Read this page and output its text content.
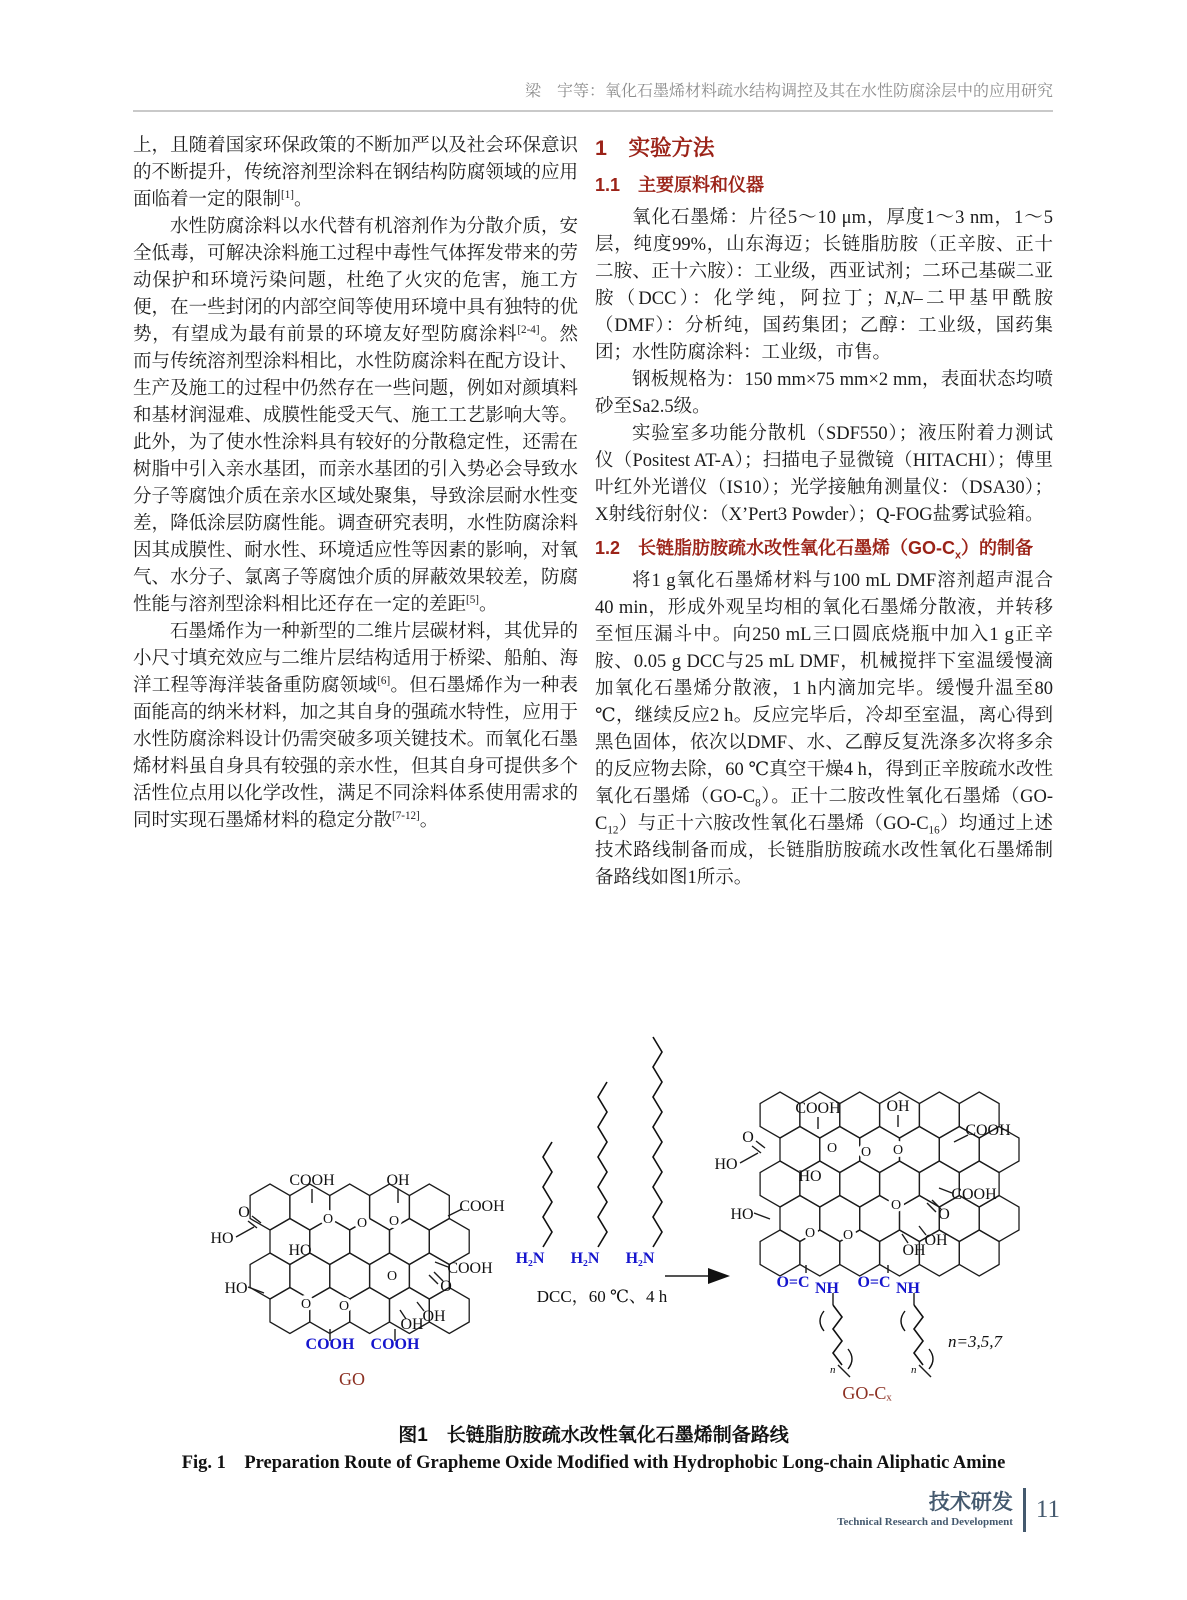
梁　宇等：氧化石墨烯材料疏水结构调控及其在水性防腐涂层中的应用研究

上，且随着国家环保政策的不断加严以及社会环保意识的不断提升，传统溶剂型涂料在钢结构防腐领域的应用面临着一定的限制[1]。

水性防腐涂料以水代替有机溶剂作为分散介质，安全低毒，可解决涂料施工过程中毒性气体挥发带来的劳动保护和环境污染问题，杜绝了火灾的危害，施工方便，在一些封闭的内部空间等使用环境中具有独特的优势，有望成为最有前景的环境友好型防腐涂料[2-4]。然而与传统溶剂型涂料相比，水性防腐涂料在配方设计、生产及施工的过程中仍然存在一些问题，例如对颜填料和基材润湿难、成膜性能受天气、施工工艺影响大等。此外，为了使水性涂料具有较好的分散稳定性，还需在树脂中引入亲水基团，而亲水基团的引入势必会导致水分子等腐蚀介质在亲水区域处聚集，导致涂层耐水性变差，降低涂层防腐性能。调查研究表明，水性防腐涂料因其成膜性、耐水性、环境适应性等因素的影响，对氧气、水分子、氯离子等腐蚀介质的屏蔽效果较差，防腐性能与溶剂型涂料相比还存在一定的差距[5]。

石墨烯作为一种新型的二维片层碳材料，其优异的小尺寸填充效应与二维片层结构适用于桥梁、船舶、海洋工程等海洋装备重防腐领域[6]。但石墨烯作为一种表面能高的纳米材料，加之其自身的强疏水特性，应用于水性防腐涂料设计仍需突破多项关键技术。而氧化石墨烯材料虽自身具有较强的亲水性，但其自身可提供多个活性位点用以化学改性，满足不同涂料体系使用需求的同时实现石墨烯材料的稳定分散[7-12]。

1　实验方法
1.1　主要原料和仪器

氧化石墨烯：片径5～10 μm，厚度1～3 nm，1～5层，纯度99%，山东海迈；长链脂肪胺（正辛胺、正十二胺、正十六胺）：工业级，西亚试剂；二环己基碳二亚胺（DCC）：化学纯，阿拉丁；N,N–二甲基甲酰胺（DMF）：分析纯，国药集团；乙醇：工业级，国药集团；水性防腐涂料：工业级，市售。

钢板规格为：150 mm×75 mm×2 mm，表面状态均喷砂至Sa2.5级。

实验室多功能分散机（SDF550）；液压附着力测试仪（Positest AT-A）；扫描电子显微镜（HITACHI）；傅里叶红外光谱仪（IS10）；光学接触角测量仪：（DSA30）；X射线衍射仪：（X’Pert3 Powder）；Q-FOG盐雾试验箱。

1.2　长链脂肪胺疏水改性氧化石墨烯$(GO-C_x)$的制备

将1 g氧化石墨烯材料与100 mL DMF溶剂超声混合40 min，形成外观呈均相的氧化石墨烯分散液，并转移至恒压漏斗中。向250 mL三口圆底烧瓶中加入1 g正辛胺、0.05 g DCC与25 mL DMF，机械搅拌下室温缓慢滴加氧化石墨烯分散液，1 h内滴加完毕。缓慢升温至80 ℃，继续反应2 h。反应完毕后，冷却至室温，离心得到黑色固体，依次以DMF、水、乙醇反复洗涤多次将多余的反应物去除，60 ℃真空干燥4 h，得到正辛胺疏水改性氧化石墨烯$(GO-C_8)$。正十二胺改性氧化石墨烯$(GO-C_{12})$与正十六胺改性氧化石墨烯$(GO-C_{16})$均通过上述技术路线制备而成，长链脂肪胺疏水改性氧化石墨烯制备路线如图1所示。

O O O
O O
O
COOH	OH
COOH
O
HO
HO
COOH
HO	O
OH
OH
COOH COOH
GO
H₂N H₂N H₂N
DCC，60 ℃、4 h
O O O
O O
O
COOH	OH
COOH
O
HO
HO
COOH
HO	O
OH
OH
O=C NH O=C NH
n	n
n=3,5,7
GO-Cₓ
图1　长链脂肪胺疏水改性氧化石墨烯制备路线
Fig. 1　Preparation Route of Grapheme Oxide Modified with Hydrophobic Long-chain Aliphatic Amine
技术研发
Technical Research and Development 11
